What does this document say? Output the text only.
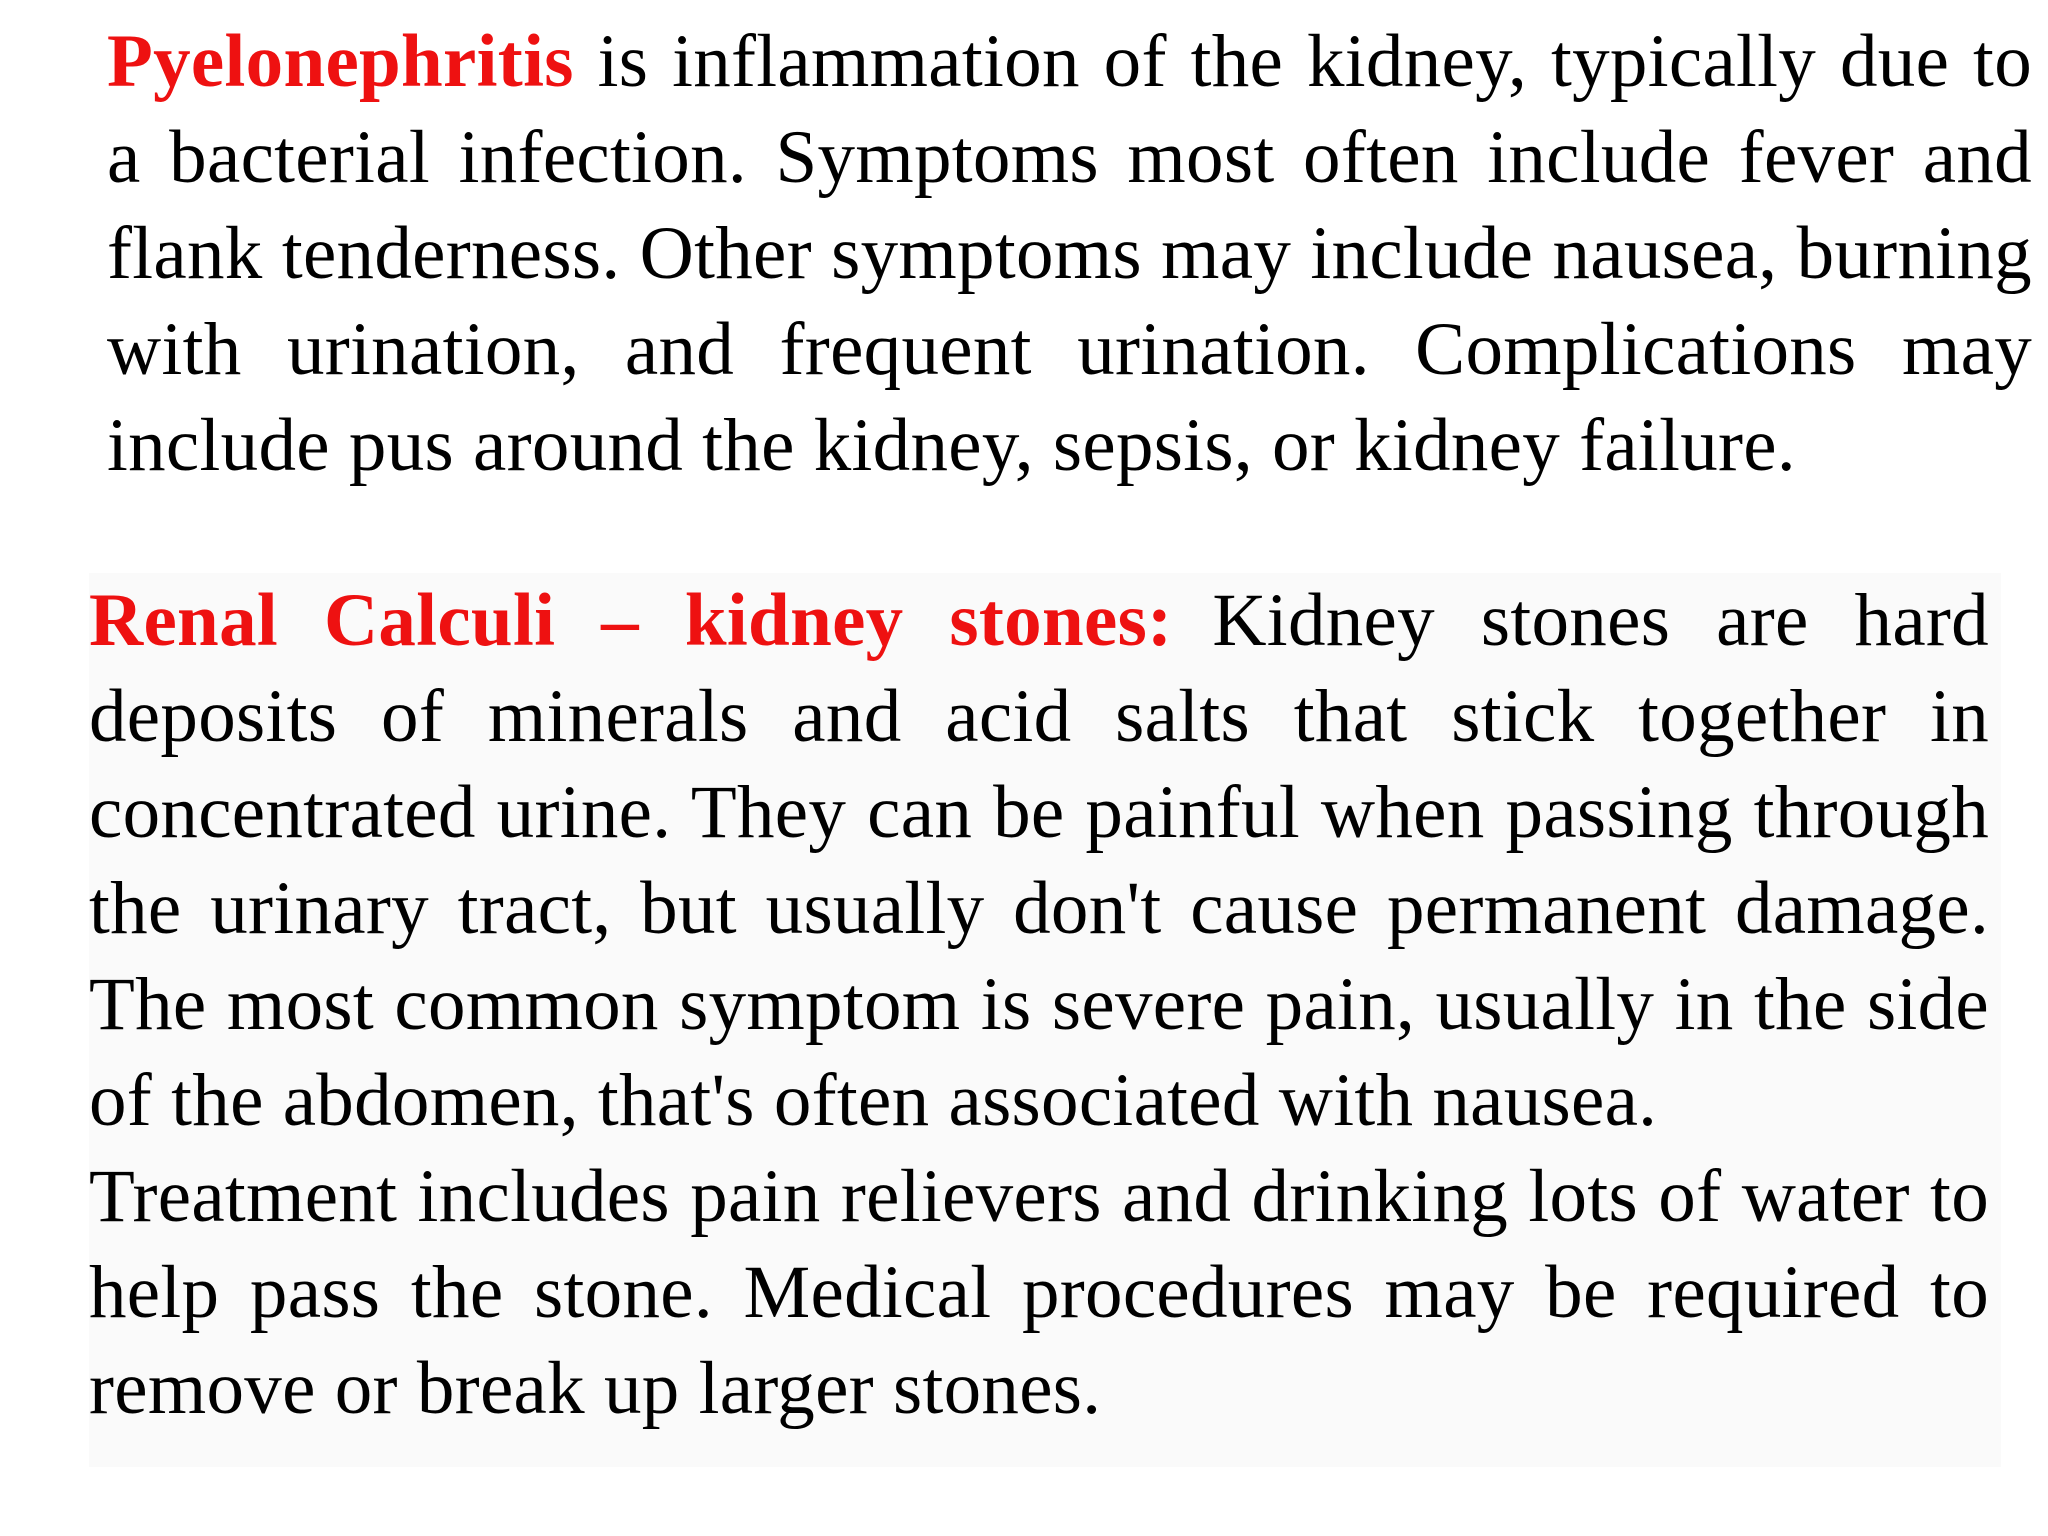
Pyelonephritis is inflammation of the kidney, typically due to a bacterial infection. Symptoms most often include fever and flank tenderness. Other symptoms may include nausea, burning with urination, and frequent urination. Complications may include pus around the kidney, sepsis, or kidney failure.
Renal Calculi – kidney stones: Kidney stones are hard deposits of minerals and acid salts that stick together in concentrated urine. They can be painful when passing through the urinary tract, but usually don't cause permanent damage. The most common symptom is severe pain, usually in the side of the abdomen, that's often associated with nausea.
Treatment includes pain relievers and drinking lots of water to help pass the stone. Medical procedures may be required to remove or break up larger stones.
